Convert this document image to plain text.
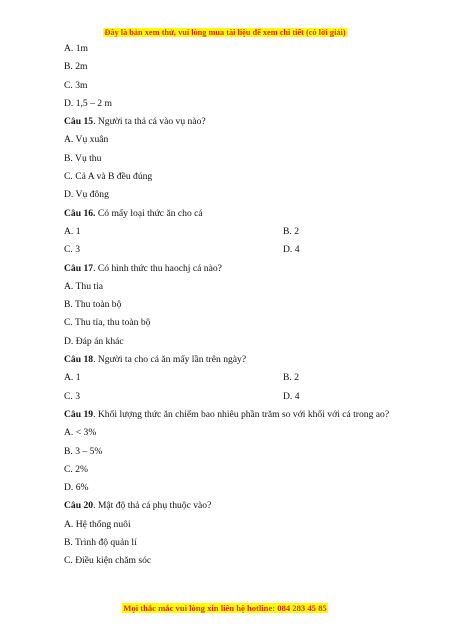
Đây là bản xem thử, vui lòng mua tài liệu để xem chi tiết (có lời giải)
A. 1m
B. 2m
C. 3m
D. 1,5 – 2 m
Câu 15. Người ta thả cá vào vụ nào?
A. Vụ xuân
B. Vụ thu
C. Cả A và B đều đúng
D. Vụ đông
Câu 16. Có mấy loại thức ăn cho cá
A. 1	B. 2
C. 3	D. 4
Câu 17. Có hình thức thu haochj cá nào?
A. Thu tỉa
B. Thu toàn bộ
C. Thu tỉa, thu toàn bộ
D. Đáp án khác
Câu 18. Người ta cho cá ăn mấy lần trên ngày?
A. 1	B. 2
C. 3	D. 4
Câu 19. Khối lượng thức ăn chiếm bao nhiêu phần trăm so với khối với cá trong ao?
A. < 3%
B. 3 – 5%
C. 2%
D. 6%
Câu 20. Mật độ thả cá phụ thuộc vào?
A. Hệ thống nuôi
B. Trình độ quản lí
C. Điều kiện chăm sóc
Mọi thắc mắc vui lòng xin liên hệ hotline: 084 283 45 85
